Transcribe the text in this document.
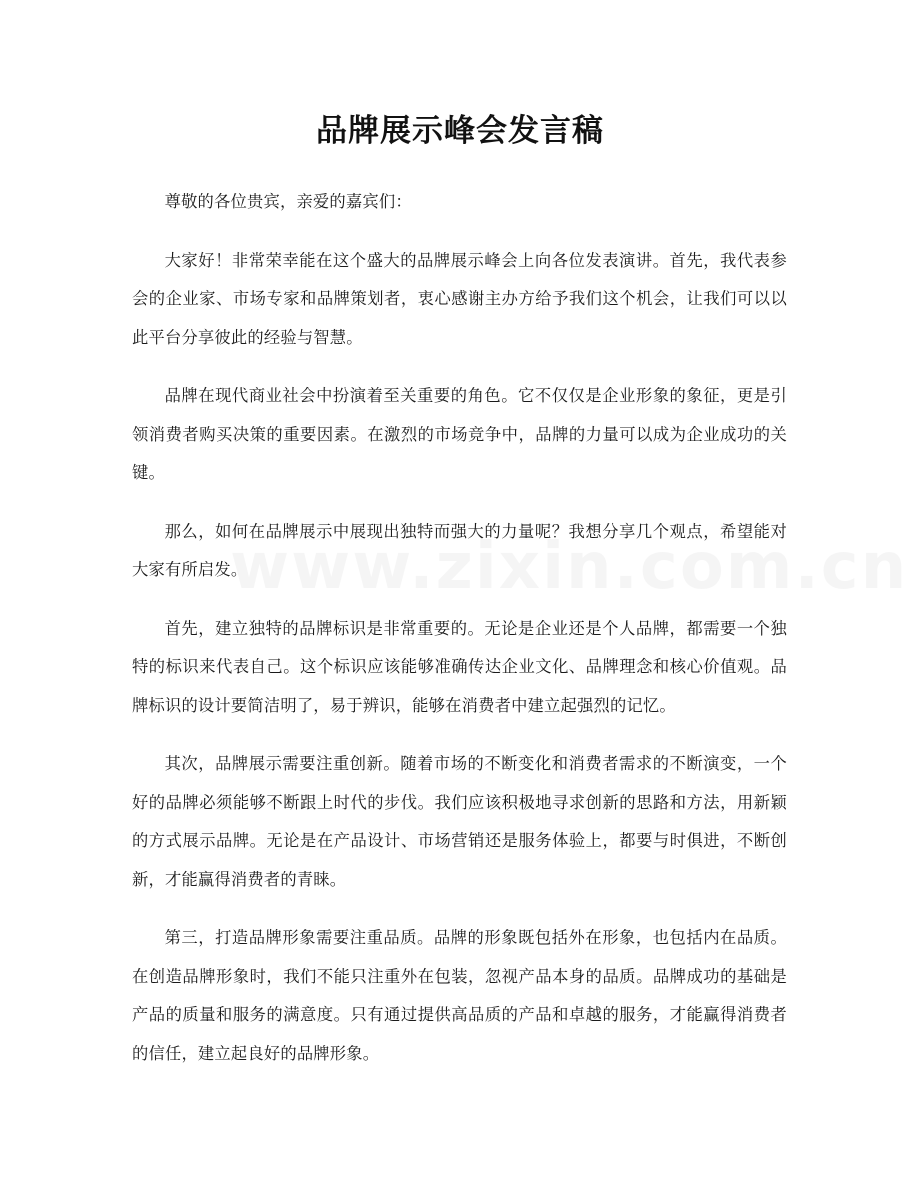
品牌展示峰会发言稿

尊敬的各位贵宾，亲爱的嘉宾们：

大家好！非常荣幸能在这个盛大的品牌展示峰会上向各位发表演讲。首先，我代表参会的企业家、市场专家和品牌策划者，衷心感谢主办方给予我们这个机会，让我们可以以此平台分享彼此的经验与智慧。

品牌在现代商业社会中扮演着至关重要的角色。它不仅仅是企业形象的象征，更是引领消费者购买决策的重要因素。在激烈的市场竞争中，品牌的力量可以成为企业成功的关键。

那么，如何在品牌展示中展现出独特而强大的力量呢？我想分享几个观点，希望能对大家有所启发。

首先，建立独特的品牌标识是非常重要的。无论是企业还是个人品牌，都需要一个独特的标识来代表自己。这个标识应该能够准确传达企业文化、品牌理念和核心价值观。品牌标识的设计要简洁明了，易于辨识，能够在消费者中建立起强烈的记忆。

其次，品牌展示需要注重创新。随着市场的不断变化和消费者需求的不断演变，一个好的品牌必须能够不断跟上时代的步伐。我们应该积极地寻求创新的思路和方法，用新颖的方式展示品牌。无论是在产品设计、市场营销还是服务体验上，都要与时俱进，不断创新，才能赢得消费者的青睐。

第三，打造品牌形象需要注重品质。品牌的形象既包括外在形象，也包括内在品质。在创造品牌形象时，我们不能只注重外在包装，忽视产品本身的品质。品牌成功的基础是产品的质量和服务的满意度。只有通过提供高品质的产品和卓越的服务，才能赢得消费者的信任，建立起良好的品牌形象。
